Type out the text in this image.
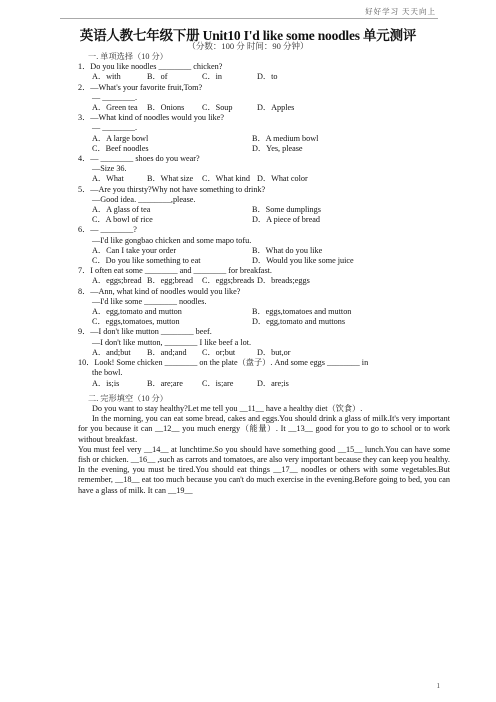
好好学习 天天向上
英语人教七年级下册 Unit10 I'd like some noodles 单元测评
（分数：100 分 时间：90 分钟）
一. 单项选择（10 分）
1．Do you like noodles ________ chicken?
A．with	B．of	C．in	D．to
2．—What's your favorite fruit,Tom?
— ________.
A．Green tea	B．Onions	C．Soup	D．Apples
3．—What kind of noodles would you like?
— ________.
A．A large bowl	B．A medium bowl
C．Beef noodles	D．Yes, please
4．— ________ shoes do you wear?
—Size 36.
A．What	B．What size	C．What kind D．What color
5．—Are you thirsty?Why not have something to drink?
—Good idea. ________,please.
A．A glass of tea	B．Some dumplings
C．A bowl of rice	D．A piece of bread
6．— ________?
—I'd like gongbao chicken and some mapo tofu.
A．Can I take your order	B．What do you like
C．Do you like something to eat	D．Would you like some juice
7．I often eat some ________ and ________ for breakfast.
A．eggs;bread B．egg;bread	C．eggs;breads D．breads;eggs
8．—Ann, what kind of noodles would you like?
—I'd like some ________ noodles.
A．egg,tomato and mutton	B．eggs,tomatoes and mutton
C．eggs,tomatoes, mutton	D．egg,tomato and muttons
9．—I don't like mutton ________ beef.
—I don't like mutton, ________ I like beef a lot.
A．and;but	B．and;and	C．or;but	D．but,or
10．Look! Some chicken ________ on the plate（盘子）. And some eggs ________ in
the bowl.
A．is;is	B．are;are	C．is;are	D．are;is
二. 完形填空（10 分）

Do you want to stay healthy?Let me tell you __11__ have a healthy diet（饮食）.

In the morning, you can eat some bread, cakes and eggs.You should drink a glass of milk.It's very important for you because it can __12__ you much energy（能量）. It __13__ good for you to go to school or to work without breakfast.

You must feel very __14__ at lunchtime.So you should have something good __15__ lunch.You can have some fish or chicken. __16__ ,such as carrots and tomatoes, are also very important because they can keep you healthy.

In the evening, you must be tired.You should eat things __17__ noodles or others with some vegetables.But remember, __18__ eat too much because you can't do much exercise in the evening.Before going to bed, you can have a glass of milk. It can __19__

1
